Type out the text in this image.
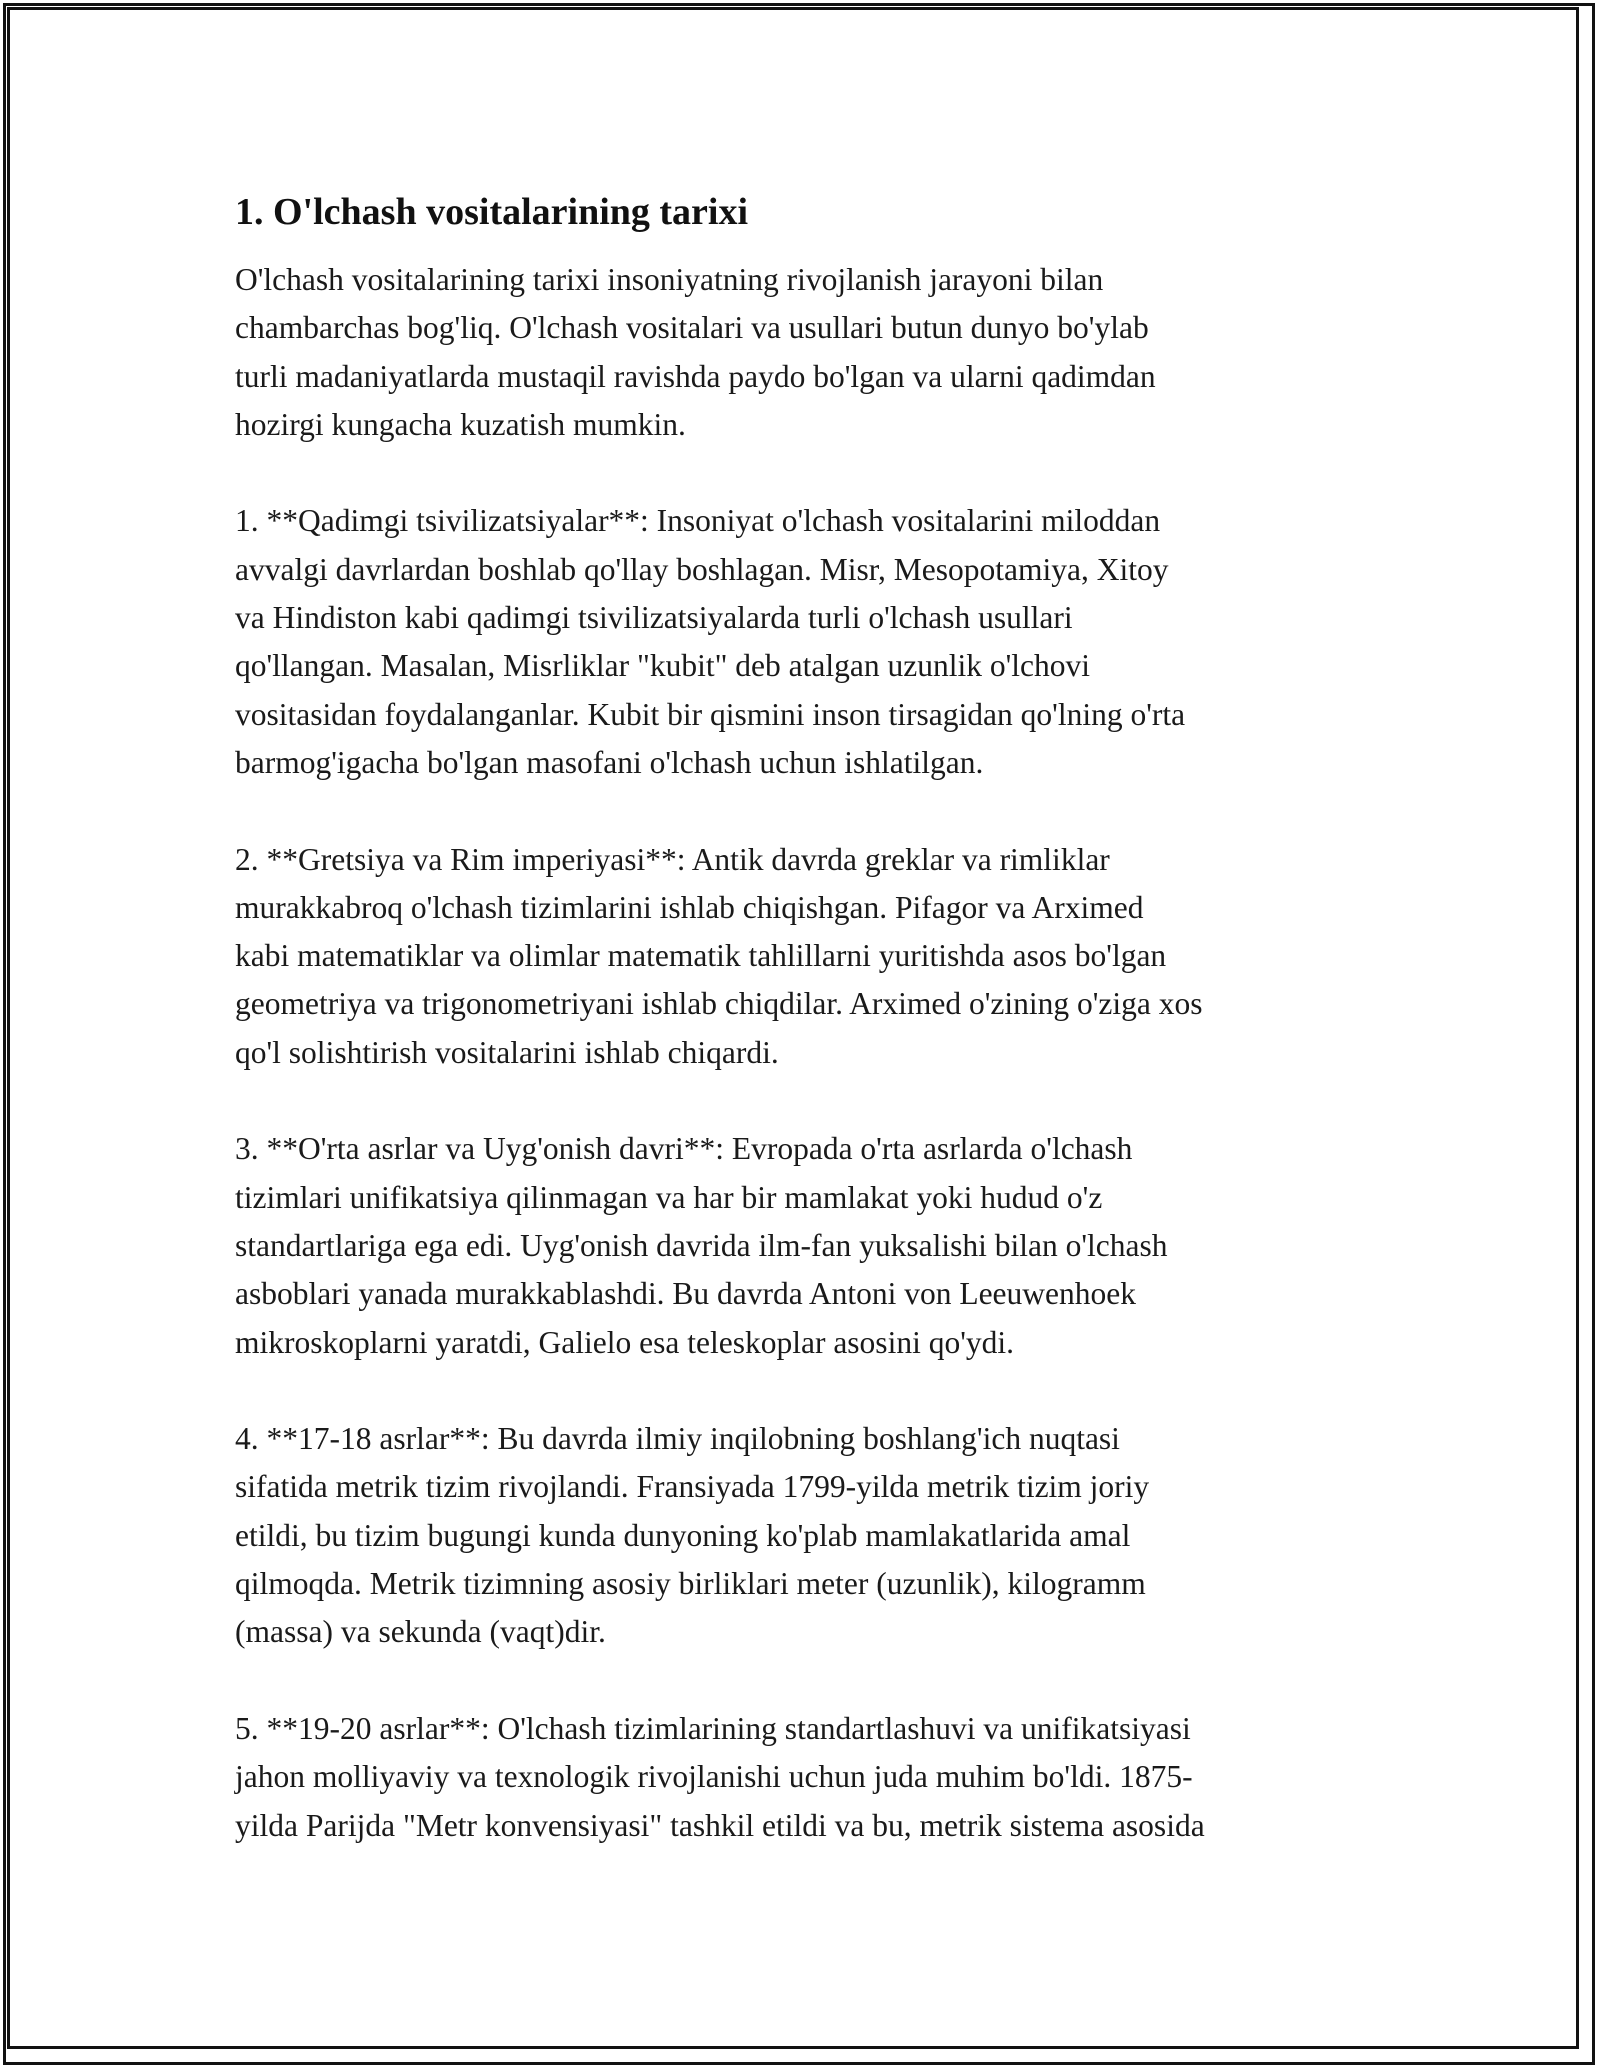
1. O'lchash vositalarining tarixi

O'lchash vositalarining tarixi insoniyatning rivojlanish jarayoni bilan
chambarchas bog'liq. O'lchash vositalari va usullari butun dunyo bo'ylab
turli madaniyatlarda mustaqil ravishda paydo bo'lgan va ularni qadimdan
hozirgi kungacha kuzatish mumkin.

1. **Qadimgi tsivilizatsiyalar**: Insoniyat o'lchash vositalarini miloddan
avvalgi davrlardan boshlab qo'llay boshlagan. Misr, Mesopotamiya, Xitoy
va Hindiston kabi qadimgi tsivilizatsiyalarda turli o'lchash usullari
qo'llangan. Masalan, Misrliklar "kubit" deb atalgan uzunlik o'lchovi
vositasidan foydalanganlar. Kubit bir qismini inson tirsagidan qo'lning o'rta
barmog'igacha bo'lgan masofani o'lchash uchun ishlatilgan.

2. **Gretsiya va Rim imperiyasi**: Antik davrda greklar va rimliklar
murakkabroq o'lchash tizimlarini ishlab chiqishgan. Pifagor va Arximed
kabi matematiklar va olimlar matematik tahlillarni yuritishda asos bo'lgan
geometriya va trigonometriyani ishlab chiqdilar. Arximed o'zining o'ziga xos
qo'l solishtirish vositalarini ishlab chiqardi.

3. **O'rta asrlar va Uyg'onish davri**: Evropada o'rta asrlarda o'lchash
tizimlari unifikatsiya qilinmagan va har bir mamlakat yoki hudud o'z
standartlariga ega edi. Uyg'onish davrida ilm-fan yuksalishi bilan o'lchash
asboblari yanada murakkablashdi. Bu davrda Antoni von Leeuwenhoek
mikroskoplarni yaratdi, Galielo esa teleskoplar asosini qo'ydi.

4. **17-18 asrlar**: Bu davrda ilmiy inqilobning boshlang'ich nuqtasi
sifatida metrik tizim rivojlandi. Fransiyada 1799-yilda metrik tizim joriy
etildi, bu tizim bugungi kunda dunyoning ko'plab mamlakatlarida amal
qilmoqda. Metrik tizimning asosiy birliklari meter (uzunlik), kilogramm
(massa) va sekunda (vaqt)dir.

5. **19-20 asrlar**: O'lchash tizimlarining standartlashuvi va unifikatsiyasi
jahon molliyaviy va texnologik rivojlanishi uchun juda muhim bo'ldi. 1875-
yilda Parijda "Metr konvensiyasi" tashkil etildi va bu, metrik sistema asosida
